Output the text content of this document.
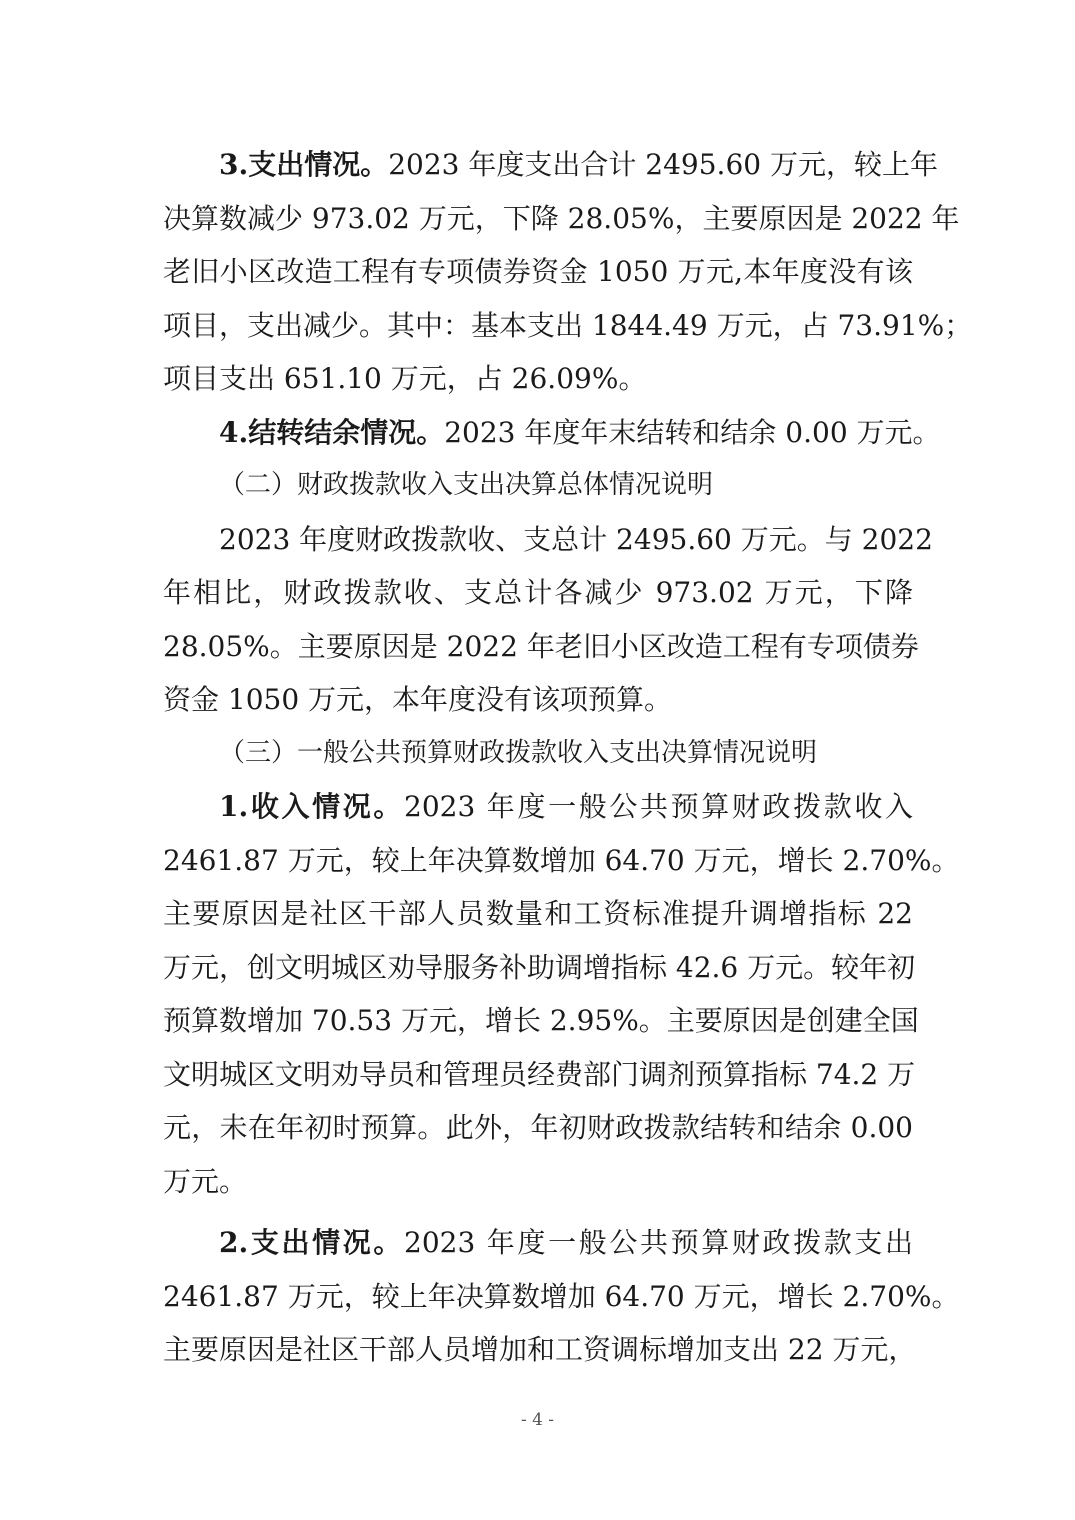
3.支出情况。2023 年度支出合计 2495.60 万元，较上年
决算数减少 973.02 万元，下降 28.05%，主要原因是 2022 年
老旧小区改造工程有专项债券资金 1050 万元,本年度没有该
项目，支出减少。其中：基本支出 1844.49 万元，占 73.91%；
项目支出 651.10 万元，占 26.09%。
4.结转结余情况。2023 年度年末结转和结余 0.00 万元。
（二）财政拨款收入支出决算总体情况说明
2023 年度财政拨款收、支总计 2495.60 万元。与 2022
年相比，财政拨款收、支总计各减少 973.02 万元，下降
28.05%。主要原因是 2022 年老旧小区改造工程有专项债券
资金 1050 万元，本年度没有该项预算。
（三）一般公共预算财政拨款收入支出决算情况说明
1.收入情况。2023 年度一般公共预算财政拨款收入
2461.87 万元，较上年决算数增加 64.70 万元，增长 2.70%。
主要原因是社区干部人员数量和工资标准提升调增指标 22
万元，创文明城区劝导服务补助调增指标 42.6 万元。较年初
预算数增加 70.53 万元，增长 2.95%。主要原因是创建全国
文明城区文明劝导员和管理员经费部门调剂预算指标 74.2 万
元，未在年初时预算。此外，年初财政拨款结转和结余 0.00
万元。
2.支出情况。2023 年度一般公共预算财政拨款支出
2461.87 万元，较上年决算数增加 64.70 万元，增长 2.70%。
主要原因是社区干部人员增加和工资调标增加支出 22 万元，
- 4 -
